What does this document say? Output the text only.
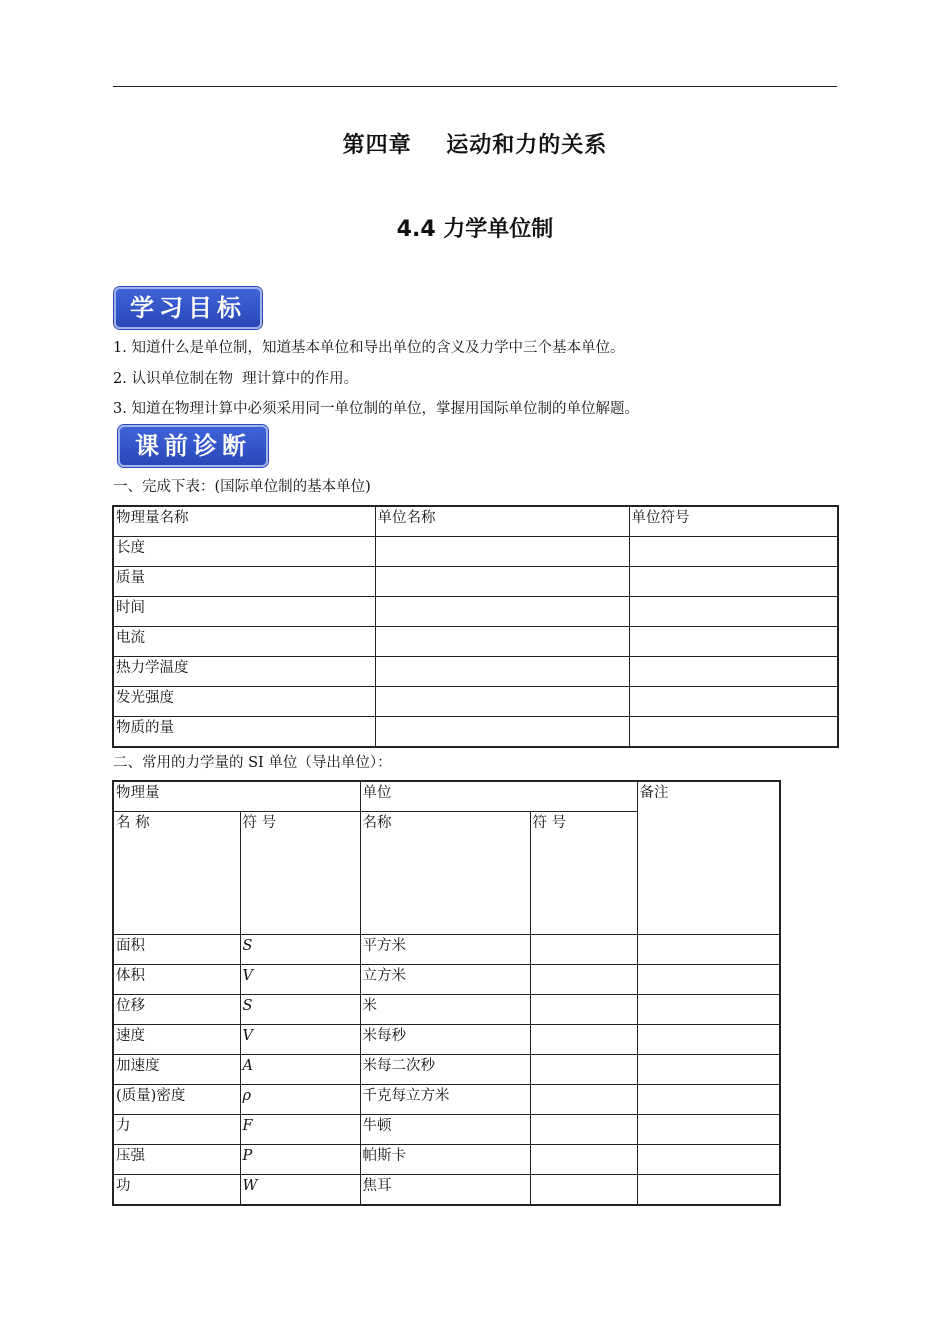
第四章    运动和力的关系
4.4 力学单位制
学习目标
1. 知道什么是单位制，知道基本单位和导出单位的含义及力学中三个基本单位。
2. 认识单位制在物  理计算中的作用。
3. 知道在物理计算中必须采用同一单位制的单位，掌握用国际单位制的单位解题。
课前诊断
一、完成下表：(国际单位制的基本单位)
物理量名称	单位名称	单位符号
长度		
质量		
时间		
电流		
热力学温度		
发光强度		
物质的量		
二、常用的力学量的 SI 单位（导出单位）：
物理量		单位		备注
名 称	符 号	名称	符 号	
面积	S	平方米		
体积	V	立方米		
位移	S	米		
速度	V	米每秒		
加速度	A	米每二次秒		
(质量)密度	ρ	千克每立方米		
力	F	牛顿		
压强	P	帕斯卡		
功	W	焦耳		
